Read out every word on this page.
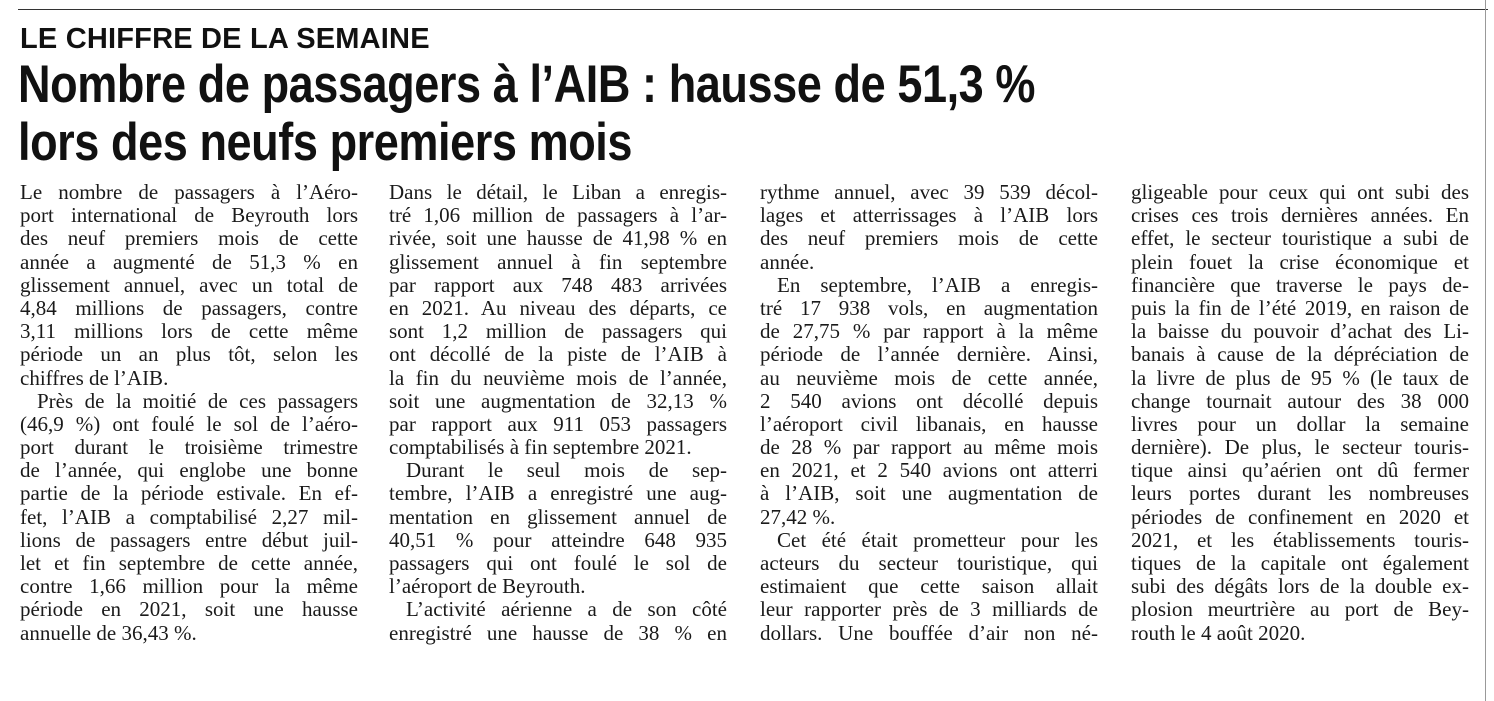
LE CHIFFRE DE LA SEMAINE
Nombre de passagers à l’AIB : hausse de 51,3 %
lors des neufs premiers mois
Le nombre de passagers à l’Aéro-
port international de Beyrouth lors
des neuf premiers mois de cette
année a augmenté de 51,3 % en
glissement annuel, avec un total de
4,84 millions de passagers, contre
3,11 millions lors de cette même
période un an plus tôt, selon les
chiffres de l’AIB.
Près de la moitié de ces passagers
(46,9 %) ont foulé le sol de l’aéro-
port durant le troisième trimestre
de l’année, qui englobe une bonne
partie de la période estivale. En ef-
fet, l’AIB a comptabilisé 2,27 mil-
lions de passagers entre début juil-
let et fin septembre de cette année,
contre 1,66 million pour la même
période en 2021, soit une hausse
annuelle de 36,43 %.
Dans le détail, le Liban a enregis-
tré 1,06 million de passagers à l’ar-
rivée, soit une hausse de 41,98 % en
glissement annuel à fin septembre
par rapport aux 748 483 arrivées
en 2021. Au niveau des départs, ce
sont 1,2 million de passagers qui
ont décollé de la piste de l’AIB à
la fin du neuvième mois de l’année,
soit une augmentation de 32,13 %
par rapport aux 911 053 passagers
comptabilisés à fin septembre 2021.
Durant le seul mois de sep-
tembre, l’AIB a enregistré une aug-
mentation en glissement annuel de
40,51 % pour atteindre 648 935
passagers qui ont foulé le sol de
l’aéroport de Beyrouth.
L’activité aérienne a de son côté
enregistré une hausse de 38 % en
rythme annuel, avec 39 539 décol-
lages et atterrissages à l’AIB lors
des neuf premiers mois de cette
année.
En septembre, l’AIB a enregis-
tré 17 938 vols, en augmentation
de 27,75 % par rapport à la même
période de l’année dernière. Ainsi,
au neuvième mois de cette année,
2 540 avions ont décollé depuis
l’aéroport civil libanais, en hausse
de 28 % par rapport au même mois
en 2021, et 2 540 avions ont atterri
à l’AIB, soit une augmentation de
27,42 %.
Cet été était prometteur pour les
acteurs du secteur touristique, qui
estimaient que cette saison allait
leur rapporter près de 3 milliards de
dollars. Une bouffée d’air non né-
gligeable pour ceux qui ont subi des
crises ces trois dernières années. En
effet, le secteur touristique a subi de
plein fouet la crise économique et
financière que traverse le pays de-
puis la fin de l’été 2019, en raison de
la baisse du pouvoir d’achat des Li-
banais à cause de la dépréciation de
la livre de plus de 95 % (le taux de
change tournait autour des 38 000
livres pour un dollar la semaine
dernière). De plus, le secteur touris-
tique ainsi qu’aérien ont dû fermer
leurs portes durant les nombreuses
périodes de confinement en 2020 et
2021, et les établissements touris-
tiques de la capitale ont également
subi des dégâts lors de la double ex-
plosion meurtrière au port de Bey-
routh le 4 août 2020.
